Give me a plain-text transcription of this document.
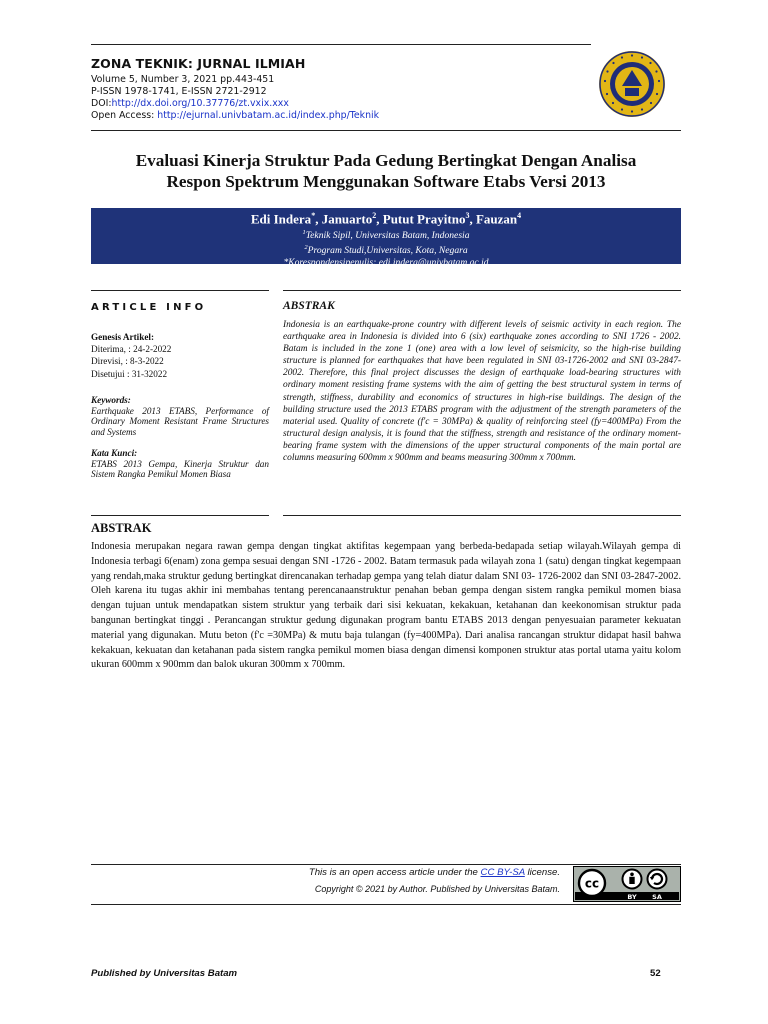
ZONA TEKNIK: JURNAL ILMIAH
Volume 5, Number 3, 2021 pp.443-451
P-ISSN 1978-1741, E-ISSN 2721-2912
DOI:http://dx.doi.org/10.37776/zt.vxix.xxx
Open Access: http://ejurnal.univbatam.ac.id/index.php/Teknik
Evaluasi Kinerja Struktur Pada Gedung Bertingkat Dengan Analisa
Respon Spektrum Menggunakan Software Etabs Versi 2013
Edi Indera*, Januarto$^2$, Putut Prayitno$^3$, Fauzan$^4$
$^1$Teknik Sipil, Universitas Batam, Indonesia
$^2$Program Studi,Universitas, Kota, Negara
*Korespondensipenulis: edi.indera@univbatam.ac.id
ARTICLE INFO
Genesis Artikel:
Diterima, : 24-2-2022
Direvisi, : 8-3-2022
Disetujui : 31-32022
Keywords:
Earthquake 2013 ETABS, Performance of Ordinary Moment Resistant Frame Structures and Systems
Kata Kunci:
ETABS 2013 Gempa, Kinerja Struktur dan Sistem Rangka Pemikul Momen Biasa
ABSTRAK
Indonesia is an earthquake-prone country with different levels of seismic activity in each region. The earthquake area in Indonesia is divided into 6 (six) earthquake zones according to SNI 1726 - 2002. Batam is included in the zone 1 (one) area with a low level of seismicity, so the high-rise building structure is planned for earthquakes that have been regulated in SNI 03-1726-2002 and SNI 03-2847-2002. Therefore, this final project discusses the design of earthquake load-bearing structures with ordinary moment resisting frame systems with the aim of getting the best structural system in terms of strength, stiffness, durability and economics of structures in high-rise buildings. The design of the building structure used the 2013 ETABS program with the adjustment of the strength parameters of the material used. Quality of concrete (f'c = 30MPa) & quality of reinforcing steel (fy=400MPa) From the structural design analysis, it is found that the stiffness, strength and resistance of the ordinary moment-bearing frame system with the dimensions of the upper structural components of the main portal are columns measuring 600mm x 900mm and beams measuring 300mm x 700mm.
ABSTRAK
Indonesia merupakan negara rawan gempa dengan tingkat aktifitas kegempaan yang berbeda-bedapada setiap wilayah.Wilayah gempa di Indonesia terbagi 6(enam) zona gempa sesuai dengan SNI -1726 - 2002. Batam termasuk pada wilayah zona 1 (satu) dengan tingkat kegempaan yang rendah,maka struktur gedung bertingkat direncanakan terhadap gempa yang telah diatur dalam SNI 03- 1726-2002 dan SNI 03-2847-2002. Oleh karena itu tugas akhir ini membahas tentang perencanaanstruktur penahan beban gempa dengan sistem rangka pemikul momen biasa dengan tujuan untuk mendapatkan sistem struktur yang terbaik dari sisi kekuatan, kekakuan, ketahanan dan keekonomisan struktur pada bangunan bertingkat tinggi . Perancangan struktur gedung digunakan program bantu ETABS 2013 dengan penyesuaian parameter kekuatan material yang digunakan. Mutu beton (f'c =30MPa) & mutu baja tulangan (fy=400MPa). Dari analisa rancangan struktur didapat hasil bahwa kekakuan, kekuatan dan ketahanan pada sistem rangka pemikul momen biasa dengan dimensi komponen struktur atas portal utama yaitu kolom ukuran 600mm x 900mm dan balok ukuran 300mm x 700mm.
This is an open access article under the CC BY-SA license.
Copyright © 2021 by Author. Published by Universitas Batam. cc
BY SA
Published by Universitas Batam	52
